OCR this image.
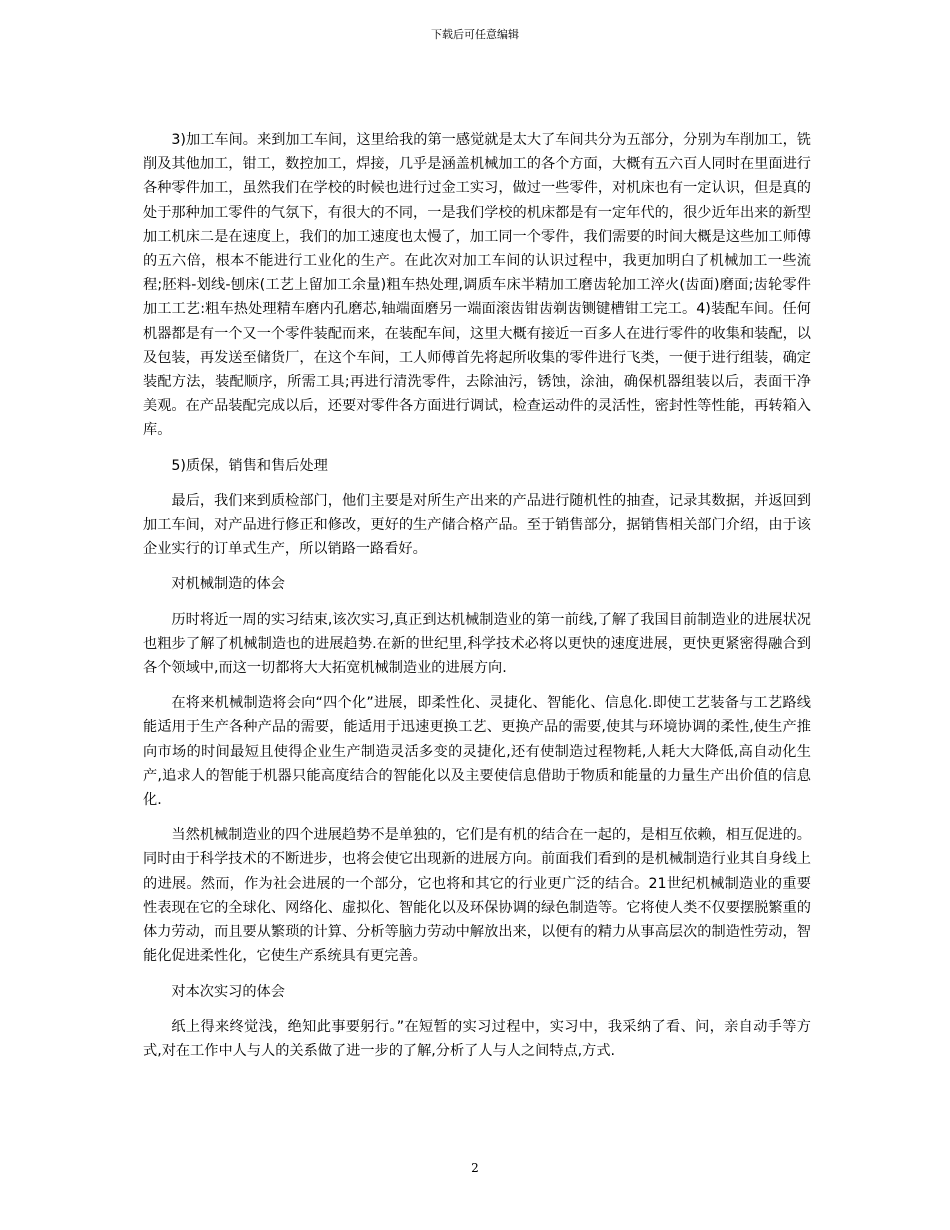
下载后可任意编辑

3)加工车间。来到加工车间，这里给我的第一感觉就是太大了车间共分为五部分，分别为车削加工，铣削及其他加工，钳工，数控加工，焊接，几乎是涵盖机械加工的各个方面，大概有五六百人同时在里面进行各种零件加工，虽然我们在学校的时候也进行过金工实习，做过一些零件，对机床也有一定认识，但是真的处于那种加工零件的气氛下，有很大的不同，一是我们学校的机床都是有一定年代的，很少近年出来的新型加工机床二是在速度上，我们的加工速度也太慢了，加工同一个零件，我们需要的时间大概是这些加工师傅的五六倍，根本不能进行工业化的生产。在此次对加工车间的认识过程中，我更加明白了机械加工一些流程;胚料-划线-刨床(工艺上留加工余量)粗车热处理,调质车床半精加工磨齿轮加工淬火(齿面)磨面;齿轮零件加工工艺:粗车热处理精车磨内孔磨芯,轴端面磨另一端面滚齿钳齿剃齿铡键槽钳工完工。4)装配车间。任何机器都是有一个又一个零件装配而来，在装配车间，这里大概有接近一百多人在进行零件的收集和装配，以及包装，再发送至储货厂，在这个车间，工人师傅首先将起所收集的零件进行飞类，一便于进行组装，确定装配方法，装配顺序，所需工具;再进行清洗零件，去除油污，锈蚀，涂油，确保机器组装以后，表面干净美观。在产品装配完成以后，还要对零件各方面进行调试，检查运动件的灵活性，密封性等性能，再转箱入库。

5)质保，销售和售后处理

最后，我们来到质检部门，他们主要是对所生产出来的产品进行随机性的抽查，记录其数据，并返回到加工车间，对产品进行修正和修改，更好的生产储合格产品。至于销售部分，据销售相关部门介绍，由于该企业实行的订单式生产，所以销路一路看好。

对机械制造的体会

历时将近一周的实习结束,该次实习,真正到达机械制造业的第一前线,了解了我国目前制造业的进展状况也粗步了解了机械制造也的进展趋势.在新的世纪里,科学技术必将以更快的速度进展，更快更紧密得融合到各个领域中,而这一切都将大大拓宽机械制造业的进展方向.

在将来机械制造将会向“四个化”进展，即柔性化、灵捷化、智能化、信息化.即使工艺装备与工艺路线能适用于生产各种产品的需要，能适用于迅速更换工艺、更换产品的需要,使其与环境协调的柔性,使生产推向市场的时间最短且使得企业生产制造灵活多变的灵捷化,还有使制造过程物耗,人耗大大降低,高自动化生产,追求人的智能于机器只能高度结合的智能化以及主要使信息借助于物质和能量的力量生产出价值的信息化.

当然机械制造业的四个进展趋势不是单独的，它们是有机的结合在一起的，是相互依赖，相互促进的。同时由于科学技术的不断进步，也将会使它出现新的进展方向。前面我们看到的是机械制造行业其自身线上的进展。然而，作为社会进展的一个部分，它也将和其它的行业更广泛的结合。21世纪机械制造业的重要性表现在它的全球化、网络化、虚拟化、智能化以及环保协调的绿色制造等。它将使人类不仅要摆脱繁重的体力劳动，而且要从繁琐的计算、分析等脑力劳动中解放出来，以便有的精力从事高层次的制造性劳动，智能化促进柔性化，它使生产系统具有更完善。

对本次实习的体会

纸上得来终觉浅，绝知此事要躬行。”在短暂的实习过程中，实习中，我采纳了看、问，亲自动手等方式,对在工作中人与人的关系做了进一步的了解,分析了人与人之间特点,方式.

2
